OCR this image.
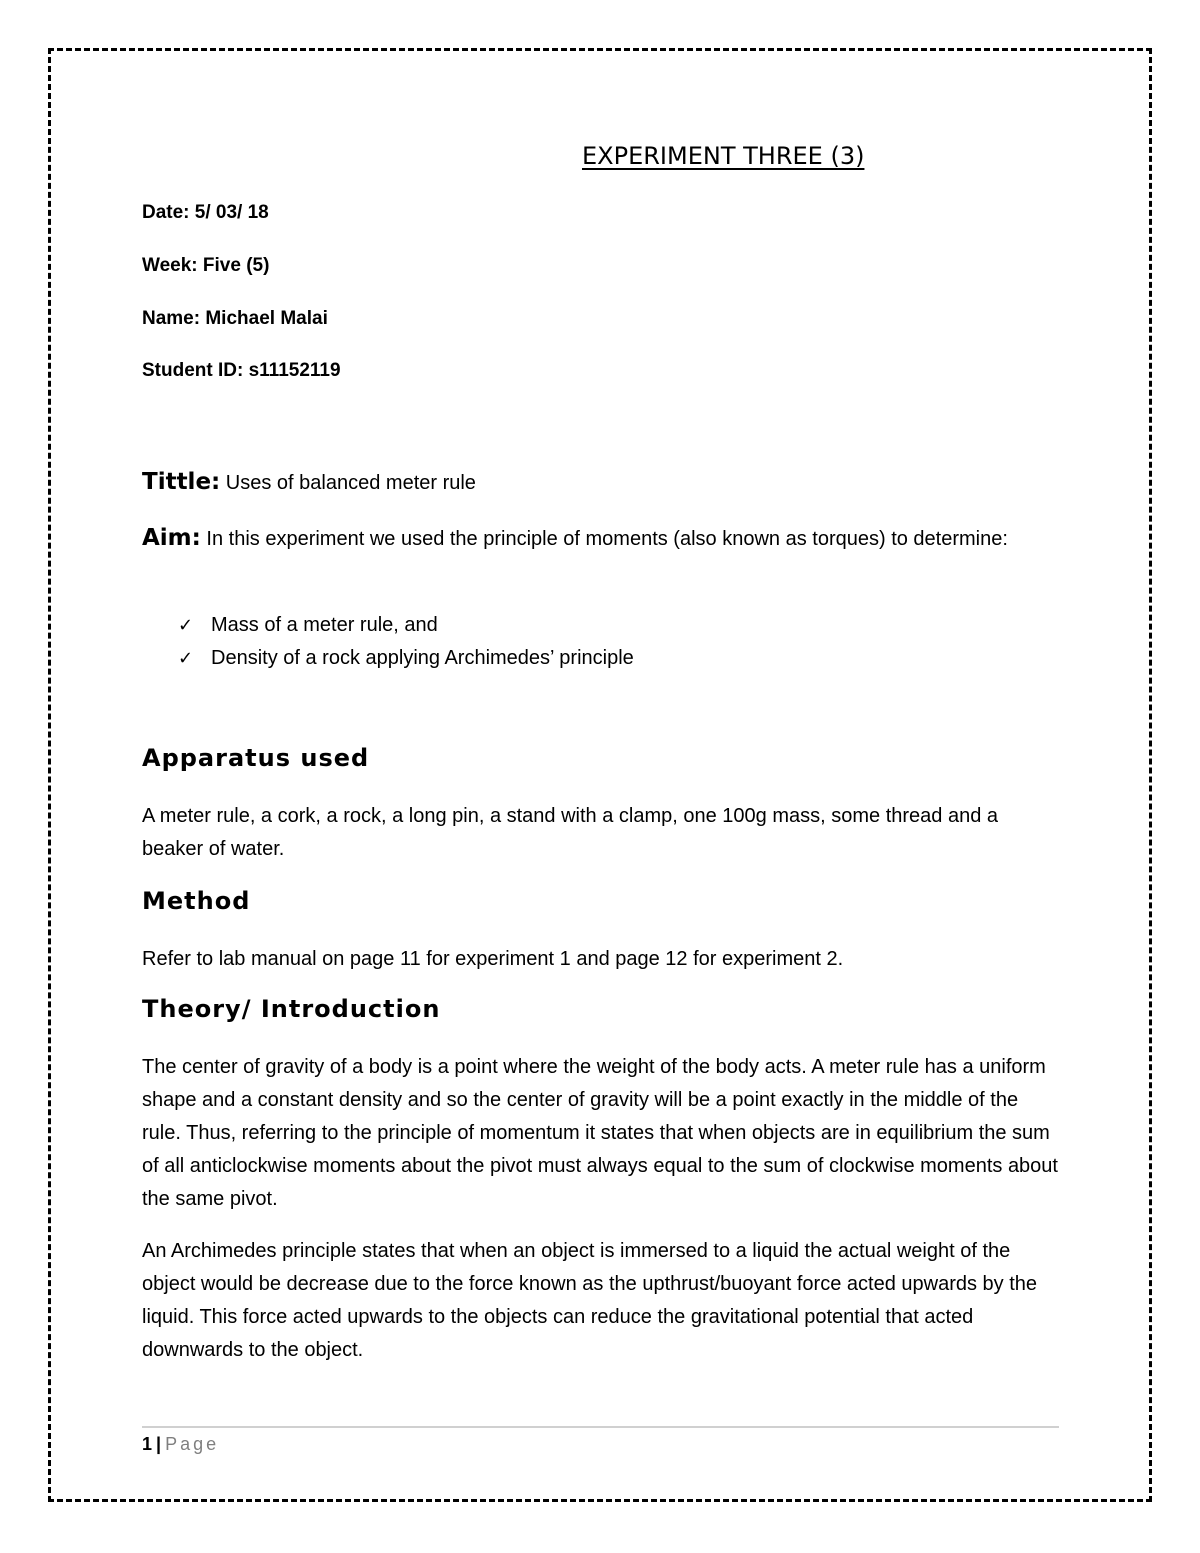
EXPERIMENT THREE (3)
Date: 5/ 03/ 18
Week: Five (5)
Name: Michael Malai
Student ID: s11152119
Tittle: Uses of balanced meter rule
Aim: In this experiment we used the principle of moments (also known as torques) to determine:
✓ Mass of a meter rule, and
✓ Density of a rock applying Archimedes’ principle
Apparatus used

A meter rule, a cork, a rock, a long pin, a stand with a clamp, one 100g mass, some thread and a beaker of water.

Method

Refer to lab manual on page 11 for experiment 1 and page 12 for experiment 2.

Theory/ Introduction

The center of gravity of a body is a point where the weight of the body acts. A meter rule has a uniform shape and a constant density and so the center of gravity will be a point exactly in the middle of the rule. Thus, referring to the principle of momentum it states that when objects are in equilibrium the sum of all anticlockwise moments about the pivot must always equal to the sum of clockwise moments about the same pivot.

An Archimedes principle states that when an object is immersed to a liquid the actual weight of the object would be decrease due to the force known as the upthrust/buoyant force acted upwards by the liquid. This force acted upwards to the objects can reduce the gravitational potential that acted downwards to the object.

1 | Page
